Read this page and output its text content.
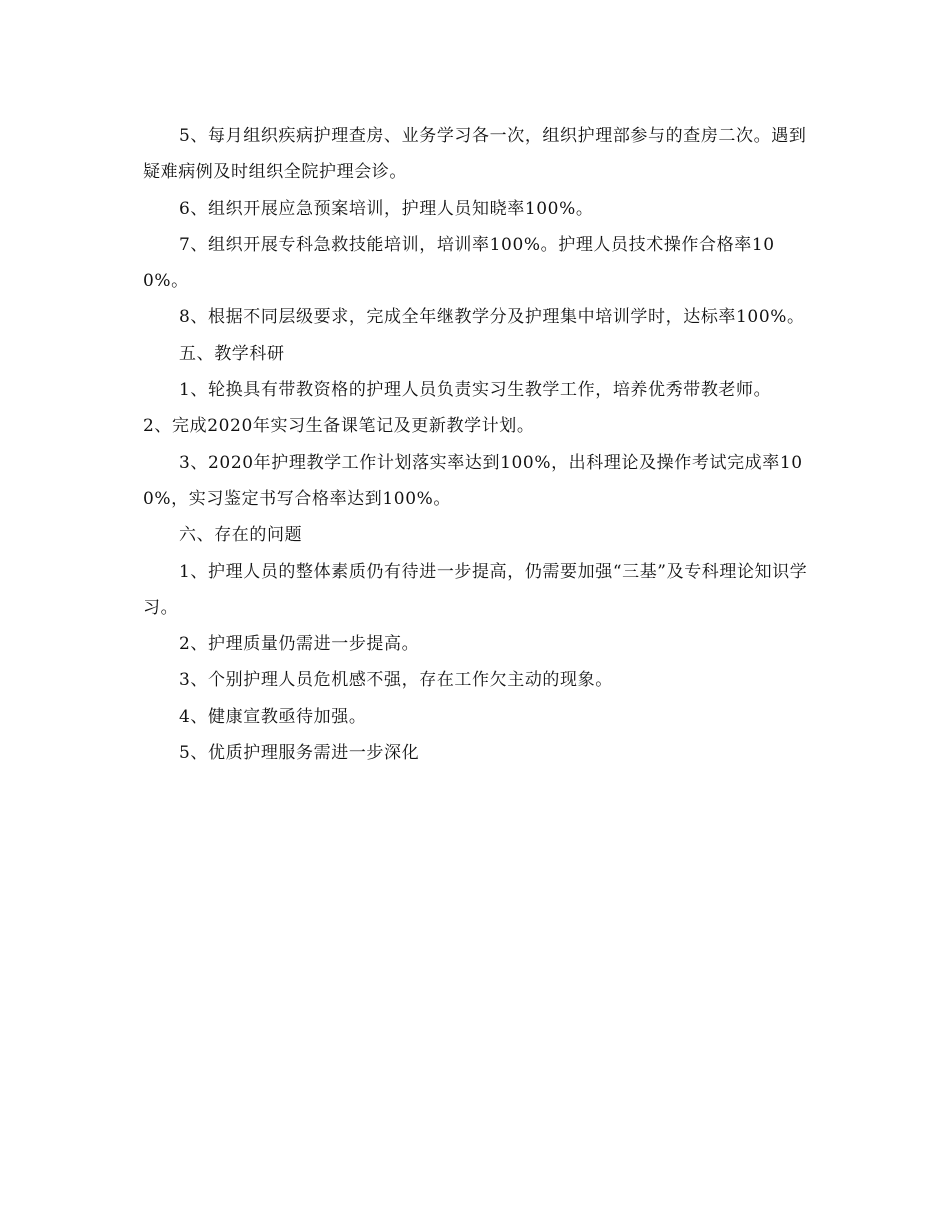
5、每月组织疾病护理查房、业务学习各一次，组织护理部参与的查房二次。遇到疑难病例及时组织全院护理会诊。

6、组织开展应急预案培训，护理人员知晓率100%。

7、组织开展专科急救技能培训，培训率100%。护理人员技术操作合格率100%。

8、根据不同层级要求，完成全年继教学分及护理集中培训学时，达标率100%。

五、教学科研

1、轮换具有带教资格的护理人员负责实习生教学工作，培养优秀带教老师。

2、完成2020年实习生备课笔记及更新教学计划。

3、2020年护理教学工作计划落实率达到100%，出科理论及操作考试完成率100%，实习鉴定书写合格率达到100%。

六、存在的问题

1、护理人员的整体素质仍有待进一步提高，仍需要加强“三基”及专科理论知识学习。

2、护理质量仍需进一步提高。

3、个别护理人员危机感不强，存在工作欠主动的现象。

4、健康宣教亟待加强。

5、优质护理服务需进一步深化
